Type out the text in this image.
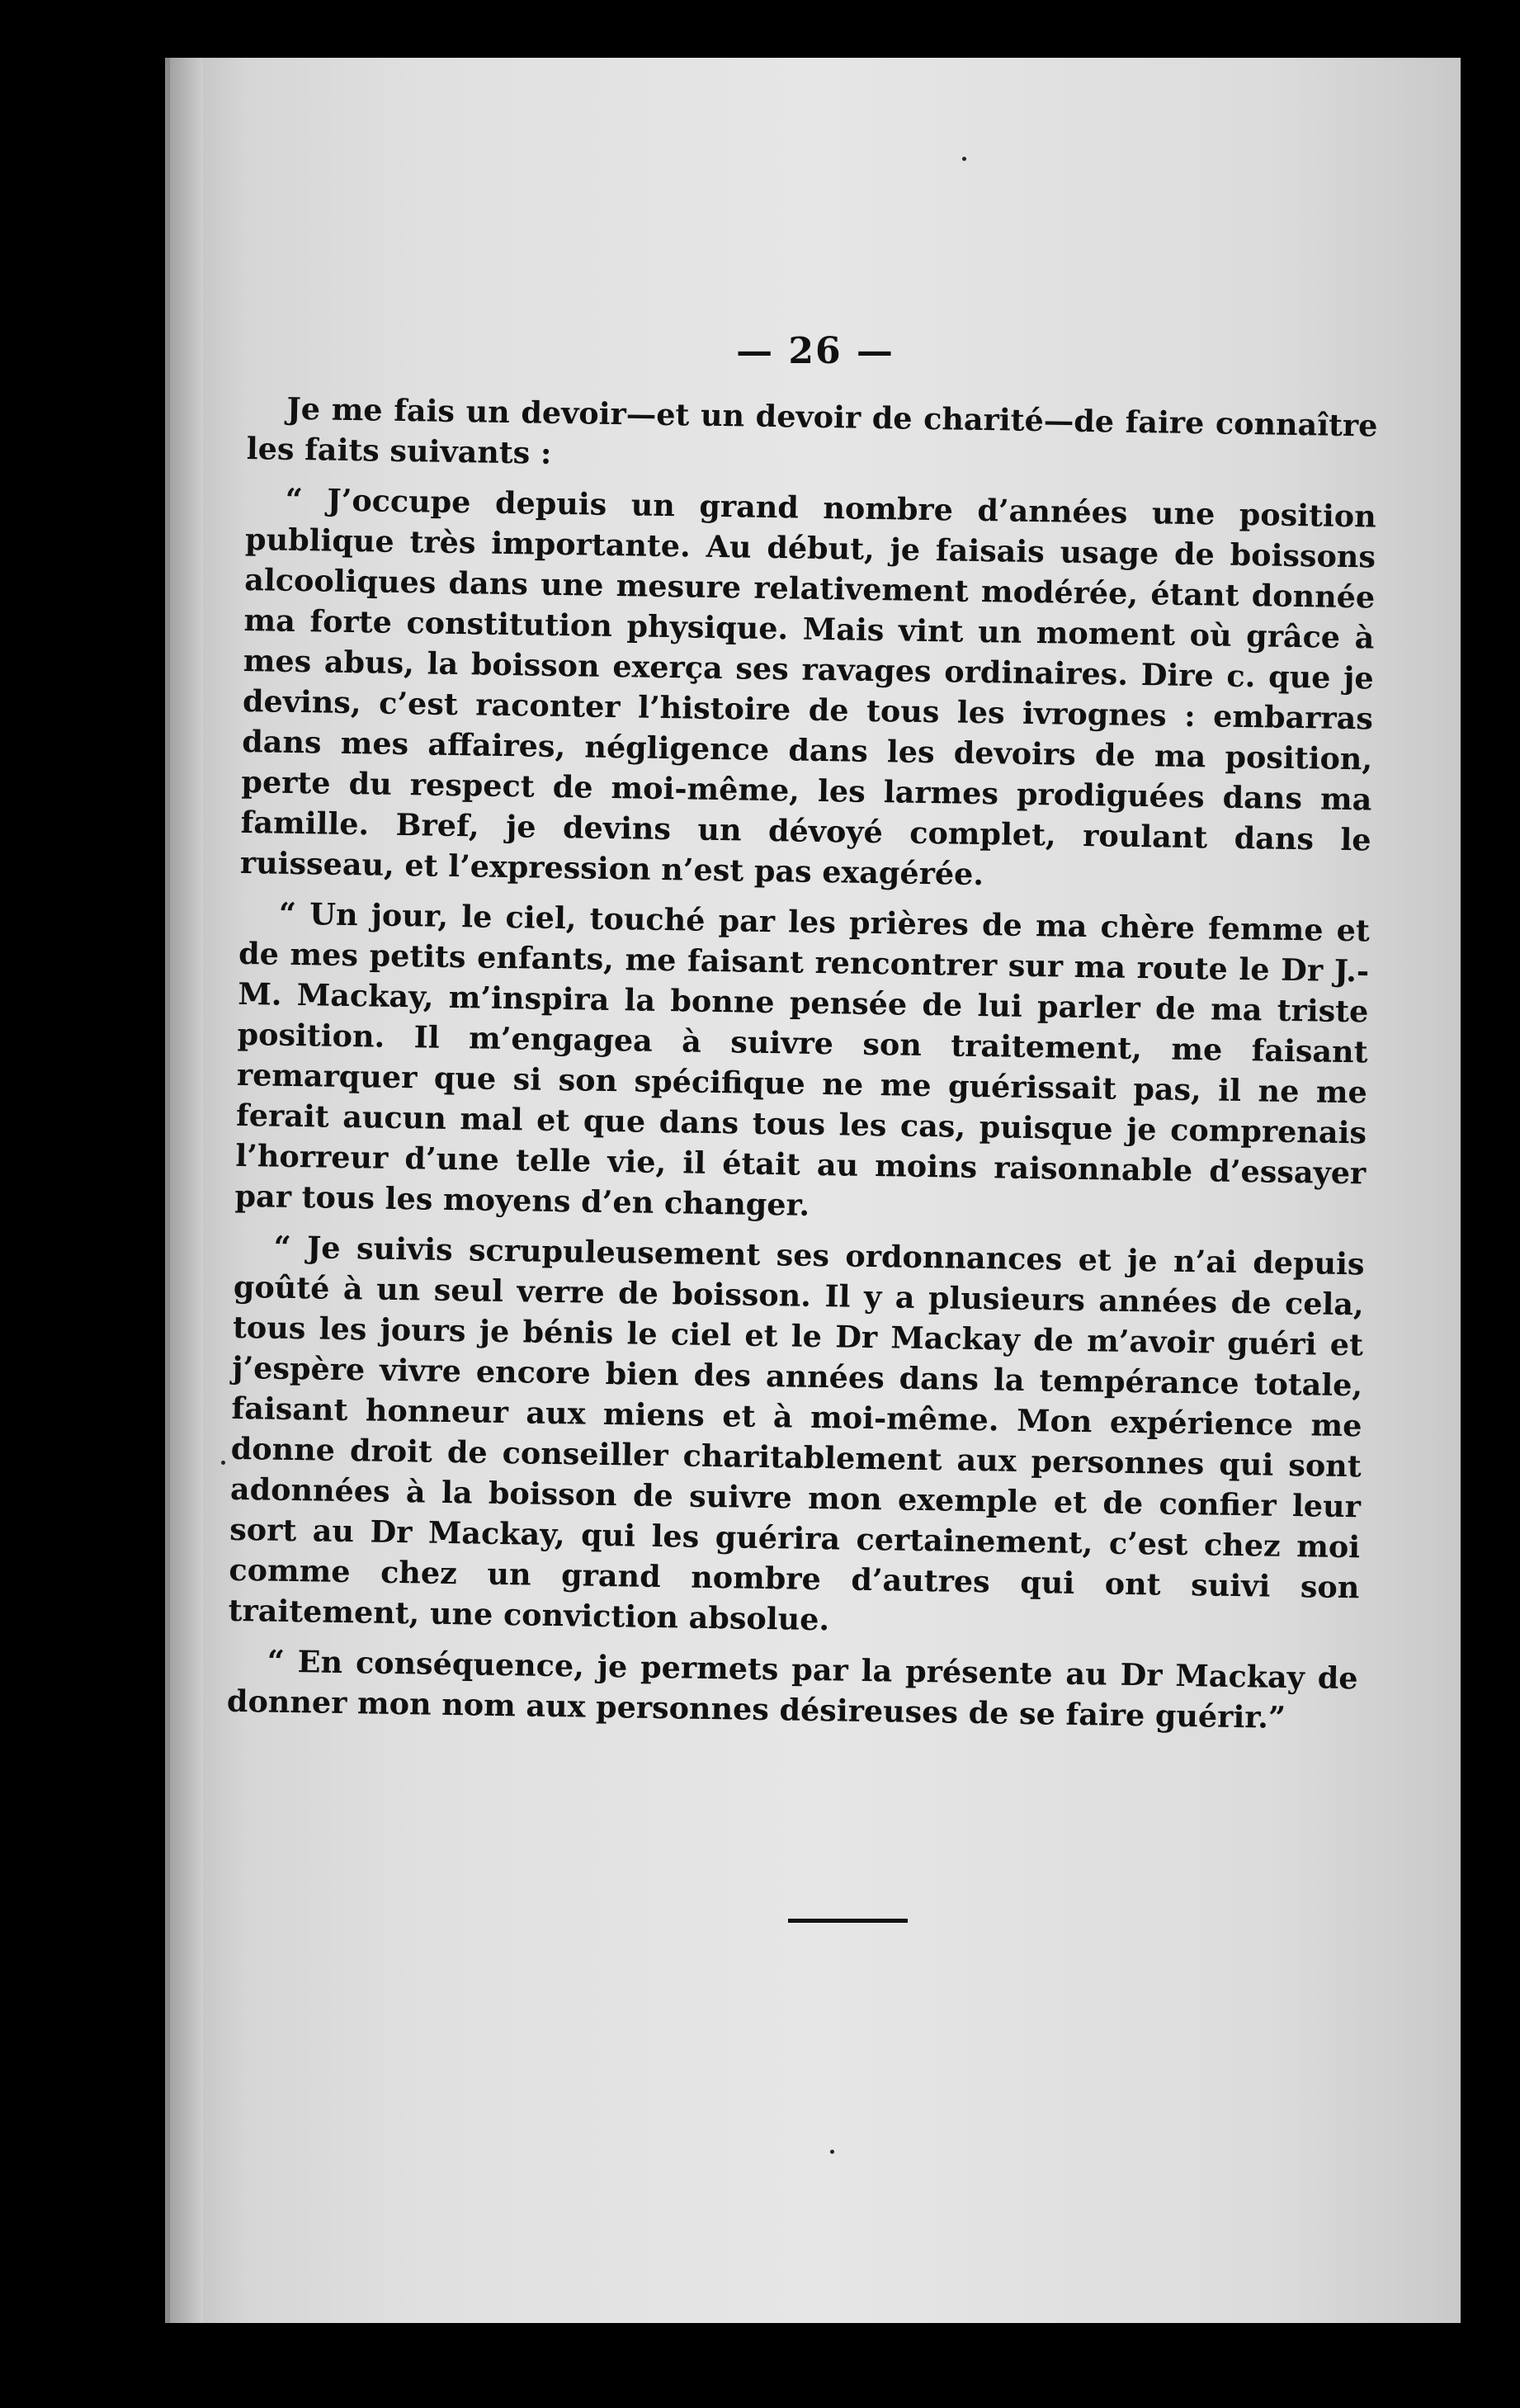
— 26 —

Je me fais un devoir—et un devoir de charité—de faire connaître les faits suivants :

“ J’occupe depuis un grand nombre d’années une position publique très importante. Au début, je faisais usage de boissons alcooliques dans une mesure relativement modérée, étant donnée ma forte constitution physique. Mais vint un moment où grâce à mes abus, la boisson exerça ses ravages ordinaires. Dire c. que je devins, c’est raconter l’histoire de tous les ivrognes : embarras dans mes affaires, négligence dans les devoirs de ma position, perte du respect de moi-même, les larmes prodiguées dans ma famille. Bref, je devins un dévoyé complet, roulant dans le ruisseau, et l’expression n’est pas exagérée.

“ Un jour, le ciel, touché par les prières de ma chère femme et de mes petits enfants, me faisant rencontrer sur ma route le Dr J.-M. Mackay, m’inspira la bonne pensée de lui parler de ma triste position. Il m’engagea à suivre son traitement, me faisant remarquer que si son spécifique ne me guérissait pas, il ne me ferait aucun mal et que dans tous les cas, puisque je comprenais l’horreur d’une telle vie, il était au moins raisonnable d’essayer par tous les moyens d’en changer.

“ Je suivis scrupuleusement ses ordonnances et je n’ai depuis goûté à un seul verre de boisson. Il y a plusieurs années de cela, tous les jours je bénis le ciel et le Dr Mackay de m’avoir guéri et j’espère vivre encore bien des années dans la tempérance totale, faisant honneur aux miens et à moi-même. Mon expérience me donne droit de conseiller charitablement aux personnes qui sont adonnées à la boisson de suivre mon exemple et de confier leur sort au Dr Mackay, qui les guérira certainement, c’est chez moi comme chez un grand nombre d’autres qui ont suivi son traitement, une conviction absolue.

“ En conséquence, je permets par la présente au Dr Mackay de donner mon nom aux personnes désireuses de se faire guérir.”
